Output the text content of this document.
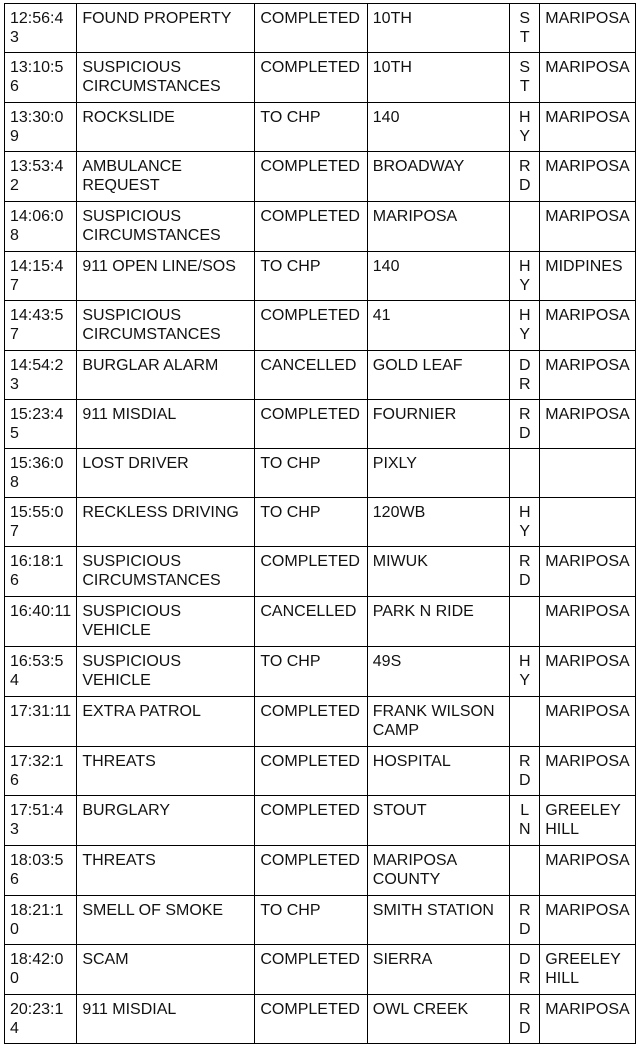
12:56:43	FOUND PROPERTY	COMPLETED	10TH	ST	MARIPOSA
13:10:56	SUSPICIOUS CIRCUMSTANCES	COMPLETED	10TH	ST	MARIPOSA
13:30:09	ROCKSLIDE	TO CHP	140	HY	MARIPOSA
13:53:42	AMBULANCE REQUEST	COMPLETED	BROADWAY	RD	MARIPOSA
14:06:08	SUSPICIOUS CIRCUMSTANCES	COMPLETED	MARIPOSA		MARIPOSA
14:15:47	911 OPEN LINE/SOS	TO CHP	140	HY	MIDPINES
14:43:57	SUSPICIOUS CIRCUMSTANCES	COMPLETED	41	HY	MARIPOSA
14:54:23	BURGLAR ALARM	CANCELLED	GOLD LEAF	DR	MARIPOSA
15:23:45	911 MISDIAL	COMPLETED	FOURNIER	RD	MARIPOSA
15:36:08	LOST DRIVER	TO CHP	PIXLY		
15:55:07	RECKLESS DRIVING	TO CHP	120WB	HY	
16:18:16	SUSPICIOUS CIRCUMSTANCES	COMPLETED	MIWUK	RD	MARIPOSA
16:40:11	SUSPICIOUS VEHICLE	CANCELLED	PARK N RIDE		MARIPOSA
16:53:54	SUSPICIOUS VEHICLE	TO CHP	49S	HY	MARIPOSA
17:31:11	EXTRA PATROL	COMPLETED	FRANK WILSON CAMP		MARIPOSA
17:32:16	THREATS	COMPLETED	HOSPITAL	RD	MARIPOSA
17:51:43	BURGLARY	COMPLETED	STOUT	LN	GREELEY HILL
18:03:56	THREATS	COMPLETED	MARIPOSA COUNTY		MARIPOSA
18:21:10	SMELL OF SMOKE	TO CHP	SMITH STATION	RD	MARIPOSA
18:42:00	SCAM	COMPLETED	SIERRA	DR	GREELEY HILL
20:23:14	911 MISDIAL	COMPLETED	OWL CREEK	RD	MARIPOSA
